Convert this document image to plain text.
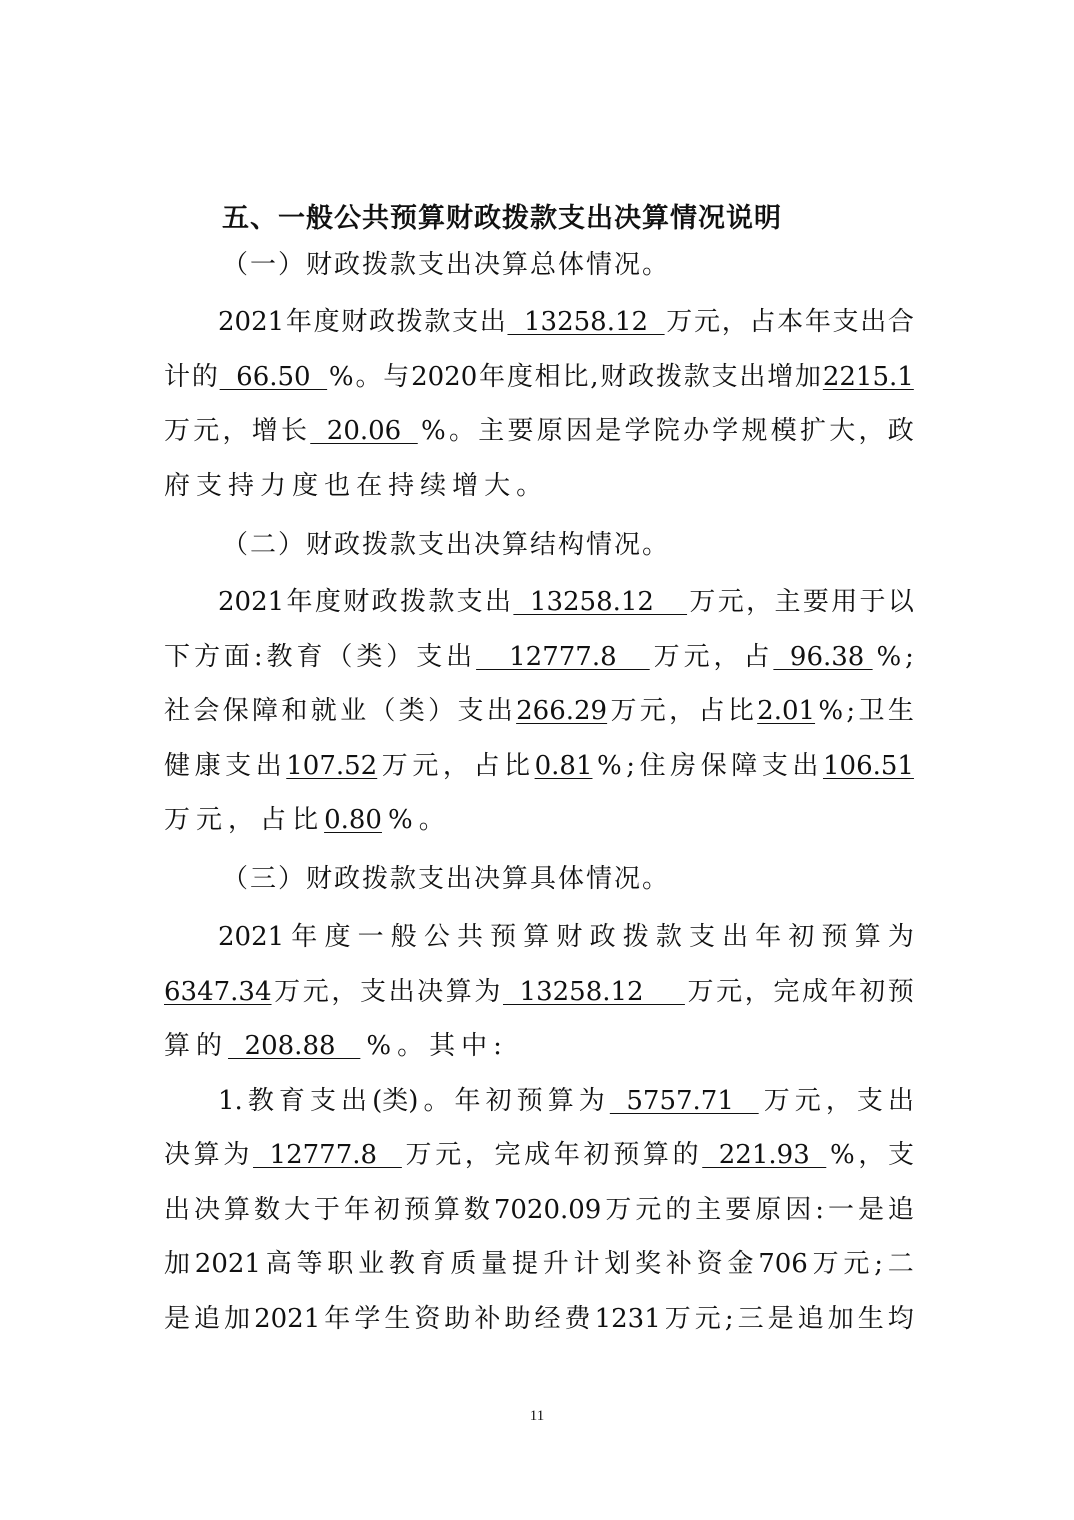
五、一般公共预算财政拨款支出决算情况说明
（一）财政拨款支出决算总体情况。
2021 年 度 财 政 拨 款 支 出 13258.12 万 元 ， 占 本 年 支 出 合
计 的 66.50 % 。 与 2020 年 度 相 比 , 财 政 拨 款 支 出 增 加 2215.1
万 元 ， 增 长 20.06 % 。 主 要 原 因 是 学 院 办 学 规 模 扩 大 ， 政
府 支 持 力 度 也 在 持 续 增 大 。
（二）财政拨款支出决算结构情况。
2021 年 度 财 政 拨 款 支 出 13258.12 万 元 ， 主 要 用 于 以
下 方 面 : 教 育 （ 类 ） 支 出 12777.8 万 元 ， 占 96.38 % ;
社 会 保 障 和 就 业 （ 类 ） 支 出 266.29 万 元 ， 占 比 2.01 % ; 卫 生
健 康 支 出 107.52 万 元 ， 占 比 0.81 % ; 住 房 保 障 支 出 106.51
万 元 ， 占 比 0.80 % 。
（三）财政拨款支出决算具体情况。
2021 年 度 一 般 公 共 预 算 财 政 拨 款 支 出 年 初 预 算 为
6347.34 万 元 ， 支 出 决 算 为 13258.12 万 元 ， 完 成 年 初 预
算 的 208.88 % 。 其 中 :
1. 教 育 支 出 (类) 。 年 初 预 算 为 5757.71 万 元 ， 支 出
决 算 为 12777.8 万 元 ， 完 成 年 初 预 算 的 221.93 % ， 支
出 决 算 数 大 于 年 初 预 算 数 7020.09 万 元 的 主 要 原 因 : 一 是 追
加 2021 高 等 职 业 教 育 质 量 提 升 计 划 奖 补 资 金 706 万 元 ; 二
是 追 加 2021 年 学 生 资 助 补 助 经 费 1231 万 元 ; 三 是 追 加 生 均
11
